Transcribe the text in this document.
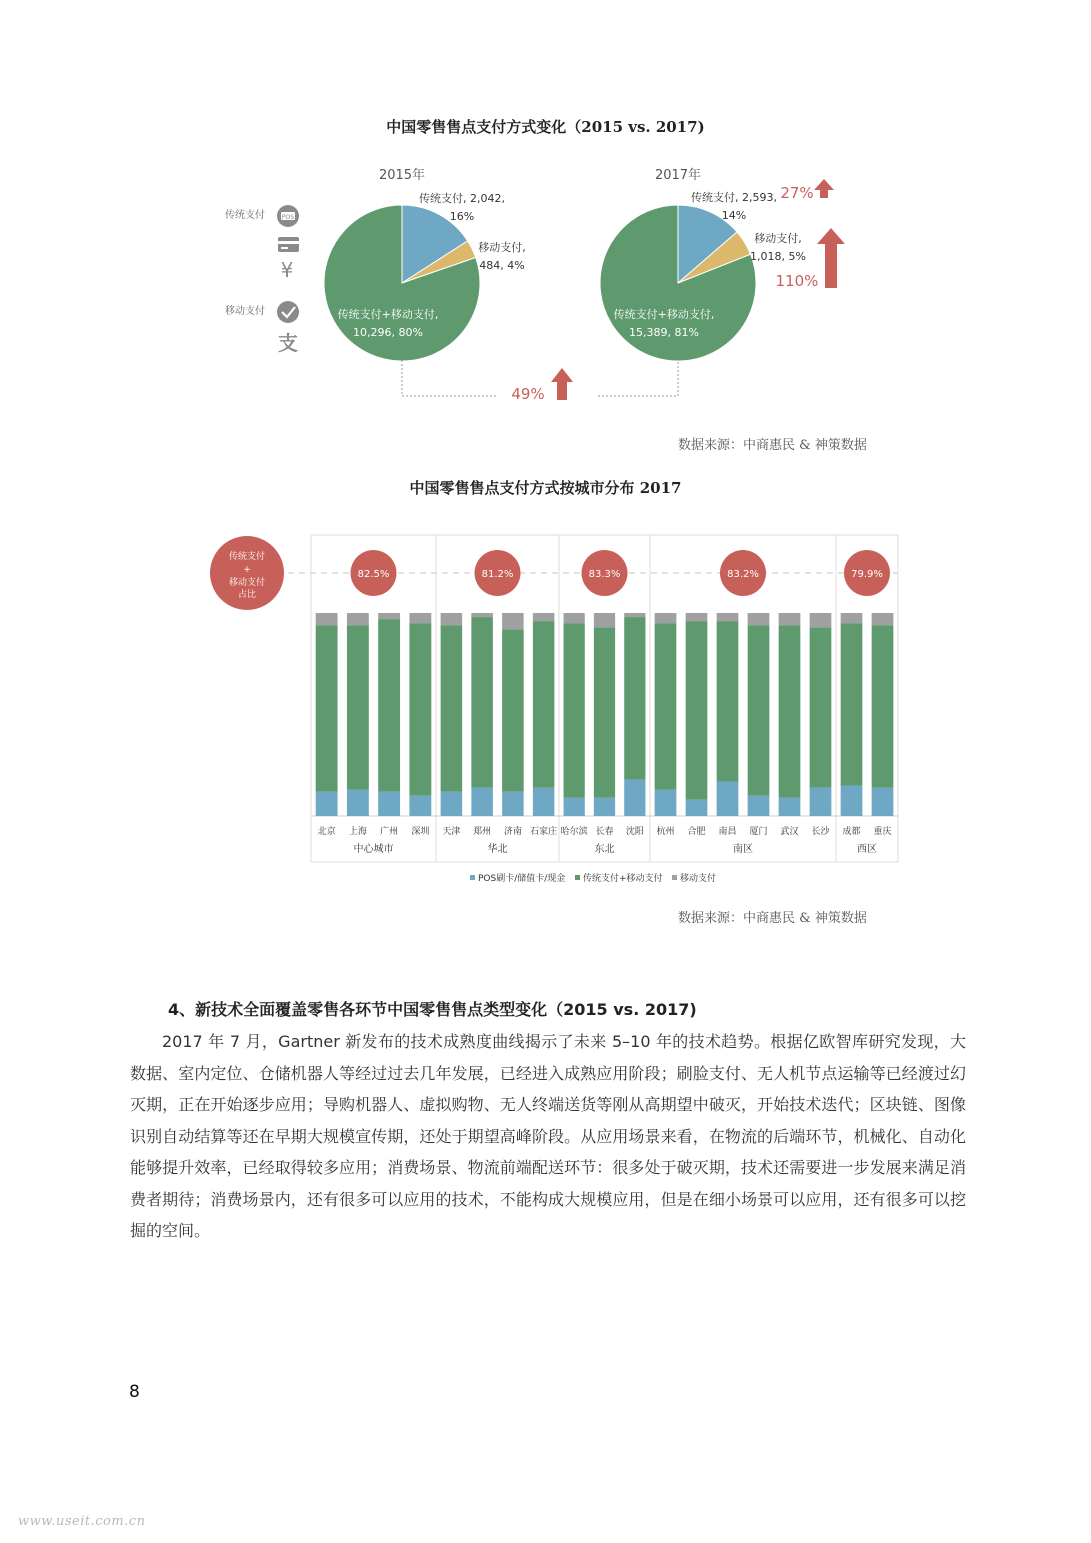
中国零售售点支付方式变化（2015 vs. 2017)
2015年	2017年
传统支付	POS
¥
移动支付
支
传统支付, 2,042,
16%
移动支付,
484, 4%
传统支付+移动支付,
10,296, 80%
传统支付, 2,593,
14%
移动支付,
1,018, 5%
传统支付+移动支付,
15,389, 81%
27%
110%
49%
数据来源：中商惠民 & 神策数据
中国零售售点支付方式按城市分布 2017
传统支付
+
移动支付
占比
82.5%
中心城市
北京 上海 广州 深圳
81.2%
华北
天津 郑州 济南 石家庄
83.3%
东北
哈尔滨 长春 沈阳
83.2%
南区
杭州 合肥 南昌 厦门 武汉 长沙
79.9%
西区
成都 重庆
POS刷卡/储值卡/现金 传统支付+移动支付 移动支付
数据来源：中商惠民 & 神策数据
4、新技术全面覆盖零售各环节中国零售售点类型变化（2015 vs. 2017)

2017 年 7 月，Gartner 新发布的技术成熟度曲线揭示了未来 5–10 年的技术趋势。根据亿欧智库研究发现，大数据、室内定位、仓储机器人等经过过去几年发展，已经进入成熟应用阶段；刷脸支付、无人机节点运输等已经渡过幻灭期，正在开始逐步应用；导购机器人、虚拟购物、无人终端送货等刚从高期望中破灭，开始技术迭代；区块链、图像识别自动结算等还在早期大规模宣传期，还处于期望高峰阶段。从应用场景来看，在物流的后端环节，机械化、自动化能够提升效率，已经取得较多应用；消费场景、物流前端配送环节：很多处于破灭期，技术还需要进一步发展来满足消费者期待；消费场景内，还有很多可以应用的技术，不能构成大规模应用，但是在细小场景可以应用，还有很多可以挖掘的空间。

8
www.useit.com.cn
